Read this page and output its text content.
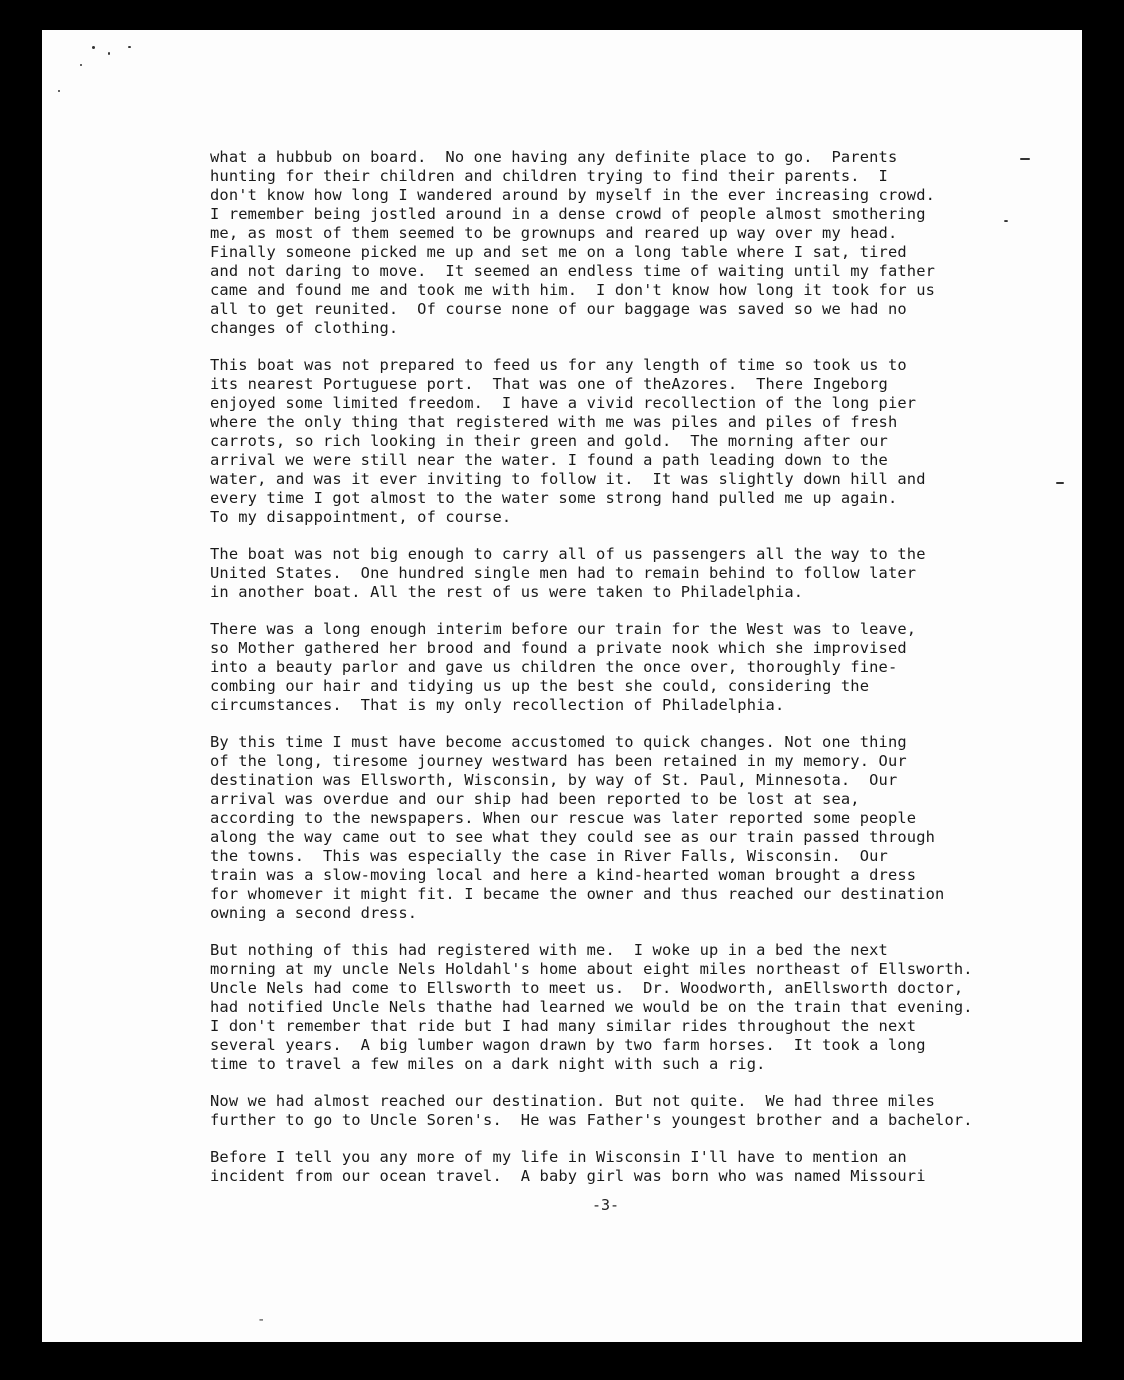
what a hubbub on board.  No one having any definite place to go.  Parents
hunting for their children and children trying to find their parents.  I
don't know how long I wandered around by myself in the ever increasing crowd.
I remember being jostled around in a dense crowd of people almost smothering
me, as most of them seemed to be grownups and reared up way over my head.
Finally someone picked me up and set me on a long table where I sat, tired
and not daring to move.  It seemed an endless time of waiting until my father
came and found me and took me with him.  I don't know how long it took for us
all to get reunited.  Of course none of our baggage was saved so we had no
changes of clothing.
This boat was not prepared to feed us for any length of time so took us to
its nearest Portuguese port.  That was one of theAzores.  There Ingeborg
enjoyed some limited freedom.  I have a vivid recollection of the long pier
where the only thing that registered with me was piles and piles of fresh
carrots, so rich looking in their green and gold.  The morning after our
arrival we were still near the water. I found a path leading down to the
water, and was it ever inviting to follow it.  It was slightly down hill and
every time I got almost to the water some strong hand pulled me up again.
To my disappointment, of course.
The boat was not big enough to carry all of us passengers all the way to the
United States.  One hundred single men had to remain behind to follow later
in another boat. All the rest of us were taken to Philadelphia.
There was a long enough interim before our train for the West was to leave,
so Mother gathered her brood and found a private nook which she improvised
into a beauty parlor and gave us children the once over, thoroughly fine-
combing our hair and tidying us up the best she could, considering the
circumstances.  That is my only recollection of Philadelphia.
By this time I must have become accustomed to quick changes. Not one thing
of the long, tiresome journey westward has been retained in my memory. Our
destination was Ellsworth, Wisconsin, by way of St. Paul, Minnesota.  Our
arrival was overdue and our ship had been reported to be lost at sea,
according to the newspapers. When our rescue was later reported some people
along the way came out to see what they could see as our train passed through
the towns.  This was especially the case in River Falls, Wisconsin.  Our
train was a slow-moving local and here a kind-hearted woman brought a dress
for whomever it might fit. I became the owner and thus reached our destination
owning a second dress.
But nothing of this had registered with me.  I woke up in a bed the next
morning at my uncle Nels Holdahl's home about eight miles northeast of Ellsworth.
Uncle Nels had come to Ellsworth to meet us.  Dr. Woodworth, anEllsworth doctor,
had notified Uncle Nels thathe had learned we would be on the train that evening.
I don't remember that ride but I had many similar rides throughout the next
several years.  A big lumber wagon drawn by two farm horses.  It took a long
time to travel a few miles on a dark night with such a rig.
Now we had almost reached our destination. But not quite.  We had three miles
further to go to Uncle Soren's.  He was Father's youngest brother and a bachelor.
Before I tell you any more of my life in Wisconsin I'll have to mention an
incident from our ocean travel.  A baby girl was born who was named Missouri
-3-
-
